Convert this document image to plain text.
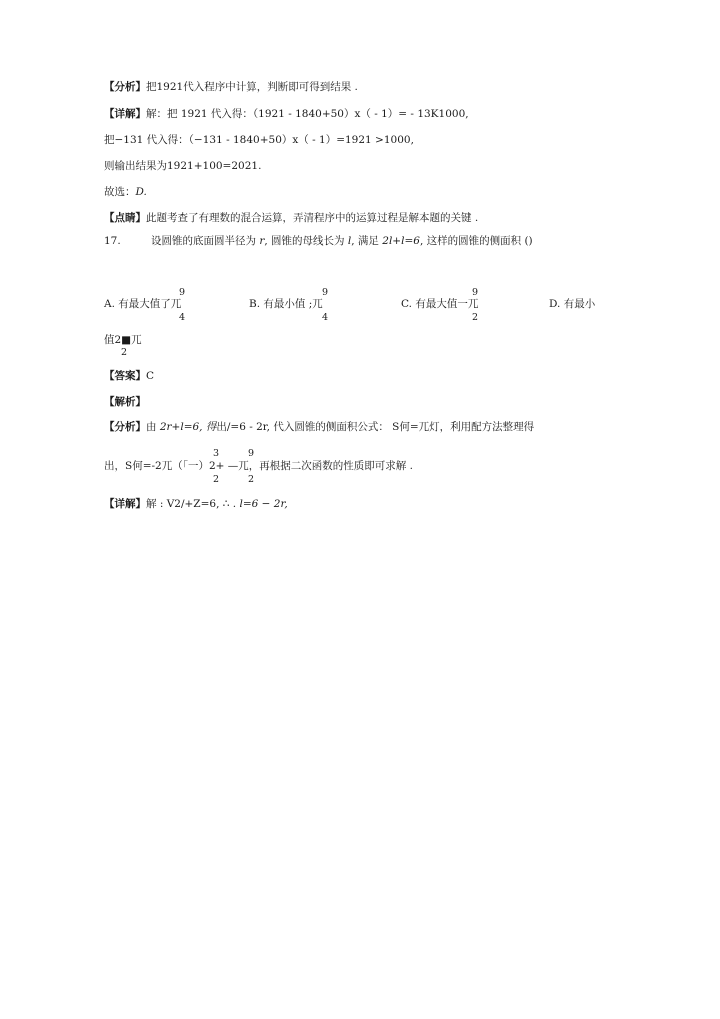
【分析】把1921代入程序中计算，判断即可得到结果 .
【详解】解：把 1921 代入得：（1921 - 1840+50）x（ - 1）= - 13K1000,
把−131 代入得：（−131 - 1840+50）x（ - 1）=1921 >1000,
则输出结果为1921+100=2021.
故选：D.
【点睛】此题考查了有理数的混合运算，弄清程序中的运算过程是解本题的关键 .
17.	设圆锥的底面圆半径为 r, 圆锥的母线长为 l, 满足 2l+l=6, 这样的圆锥的侧面积 ()
9
A. 有最大值了兀
4
9
B. 有最小值 ;兀
4
9
C. 有最大值一兀
2
D. 有最小
值2■兀
2
【答案】C
【解析】
【分析】由 2r+l=6, 得出/=6 - 2r, 代入圆锥的侧面积公式： S何=兀灯，利用配方法整理得
3	9
出，S何=-2兀（「一）2+ —兀，再根据二次函数的性质即可求解 .
2	2
【详解】解 : V2/+Z=6, ∴ . l=6 − 2r,
